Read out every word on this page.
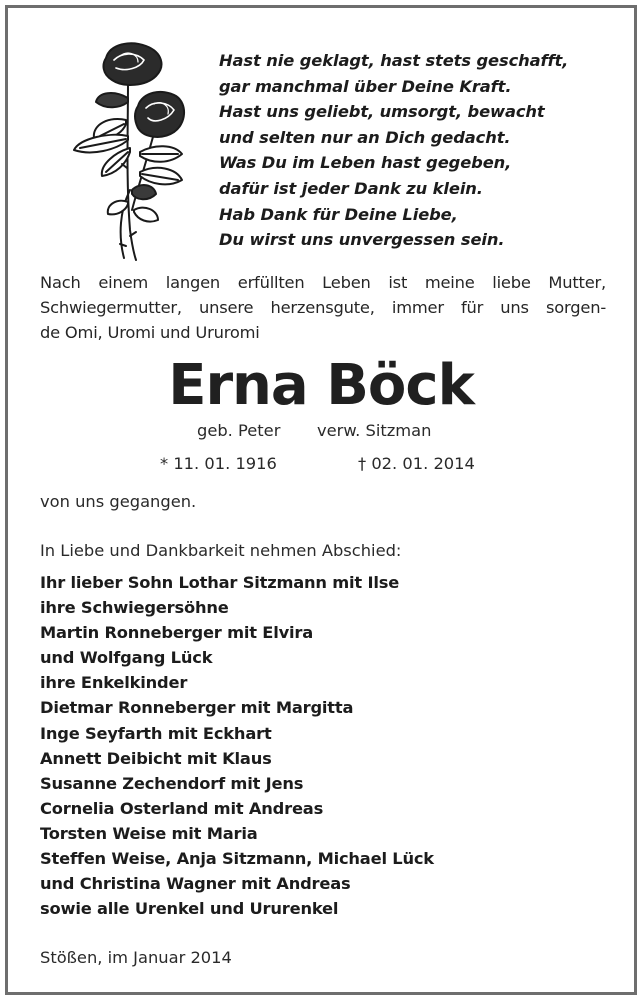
Hast nie geklagt, hast stets geschafft,
gar manchmal über Deine Kraft.
Hast uns geliebt, umsorgt, bewacht
und selten nur an Dich gedacht.
Was Du im Leben hast gegeben,
dafür ist jeder Dank zu klein.
Hab Dank für Deine Liebe,
Du wirst uns unvergessen sein.

Nach einem langen erfüllten Leben ist meine liebe Mutter,
Schwiegermutter, unsere herzensgute, immer für uns sorgen-
de Omi, Uromi und Ururomi

Erna Böck
geb. Peter verw. Sitzman
* 11. 01. 1916	† 02. 01. 2014
von uns gegangen.
In Liebe und Dankbarkeit nehmen Abschied:
Ihr lieber Sohn Lothar Sitzmann mit Ilse
ihre Schwiegersöhne
Martin Ronneberger mit Elvira
und Wolfgang Lück
ihre Enkelkinder
Dietmar Ronneberger mit Margitta
Inge Seyfarth mit Eckhart
Annett Deibicht mit Klaus
Susanne Zechendorf mit Jens
Cornelia Osterland mit Andreas
Torsten Weise mit Maria
Steffen Weise, Anja Sitzmann, Michael Lück
und Christina Wagner mit Andreas
sowie alle Urenkel und Ururenkel
Stößen, im Januar 2014
